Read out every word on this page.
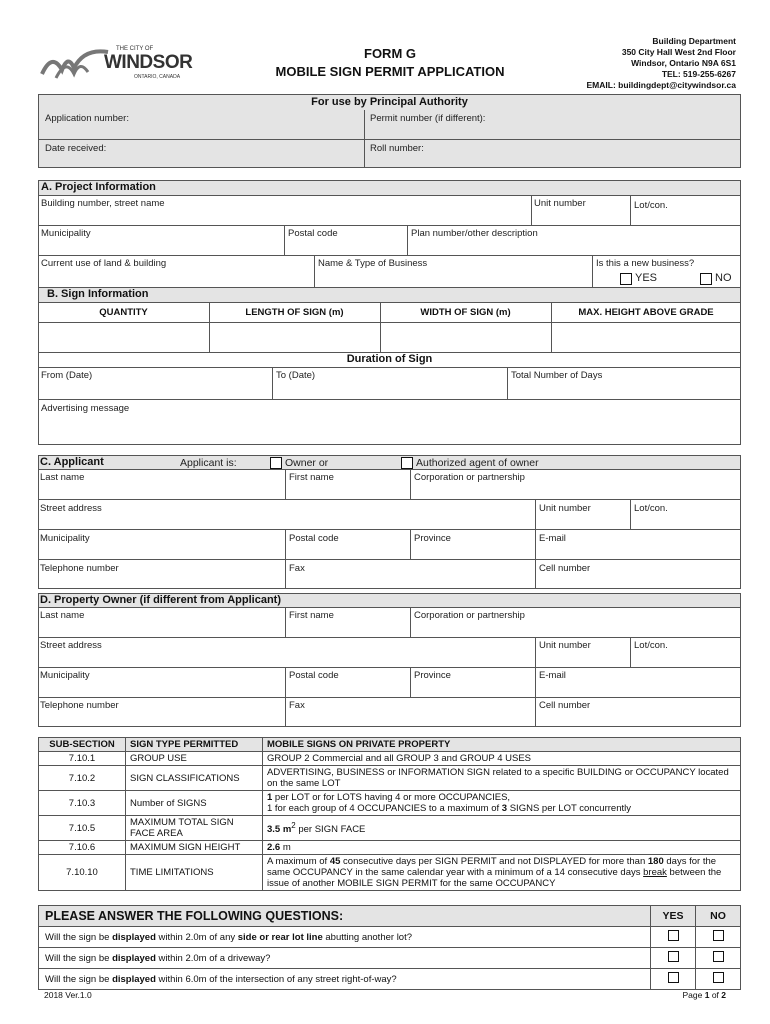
THE CITY OF
WINDSOR
ONTARIO, CANADA
FORM G
MOBILE SIGN PERMIT APPLICATION
Building Department
350 City Hall West 2nd Floor
Windsor, Ontario N9A 6S1
TEL: 519-255-6267
EMAIL: buildingdept@citywindsor.ca
For use by Principal Authority
Application number:	Permit number (if different):
Date received:	Roll number:
A. Project Information
Building number, street name	Unit number	Lot/con.
Municipality	Postal code	Plan number/other description
Current use of land & building	Name & Type of Business	Is this a new business?
YES	NO
B. Sign Information
QUANTITY	LENGTH OF SIGN (m)	WIDTH OF SIGN (m)	MAX. HEIGHT ABOVE GRADE
Duration of Sign
From (Date)	To (Date)	Total Number of Days
Advertising message
C. Applicant	Applicant is:	Owner or	Authorized agent of owner
Last name	First name	Corporation or partnership
Street address	Unit number	Lot/con.
Municipality	Postal code	Province	E-mail
Telephone number	Fax	Cell number
D. Property Owner (if different from Applicant)
Last name	First name	Corporation or partnership
Street address	Unit number	Lot/con.
Municipality	Postal code	Province	E-mail
Telephone number	Fax	Cell number
SUB-SECTION	SIGN TYPE PERMITTED	MOBILE SIGNS ON PRIVATE PROPERTY
7.10.1	GROUP USE	GROUP 2 Commercial and all GROUP 3 and GROUP 4 USES
7.10.2	SIGN CLASSIFICATIONS	ADVERTISING, BUSINESS or INFORMATION SIGN related to a specific BUILDING or OCCUPANCY located on the same LOT
7.10.3	Number of SIGNS	1 per LOT or for LOTS having 4 or more OCCUPANCIES,
1 for each group of 4 OCCUPANCIES to a maximum of 3 SIGNS per LOT concurrently
7.10.5	MAXIMUM TOTAL SIGN FACE AREA	3.5 $m^2$ per SIGN FACE
7.10.6	MAXIMUM SIGN HEIGHT	2.6 m
7.10.10	TIME LIMITATIONS	A maximum of 45 consecutive days per SIGN PERMIT and not DISPLAYED for more than 180 days for the same OCCUPANCY in the same calendar year with a minimum of a 14 consecutive days break between the issue of another MOBILE SIGN PERMIT for the same OCCUPANCY
PLEASE ANSWER THE FOLLOWING QUESTIONS:	YES	NO
Will the sign be displayed within 2.0m of any side or rear lot line abutting another lot?		
Will the sign be displayed within 2.0m of a driveway?		
Will the sign be displayed within 6.0m of the intersection of any street right-of-way?		
2018 Ver.1.0	Page 1 of 2
